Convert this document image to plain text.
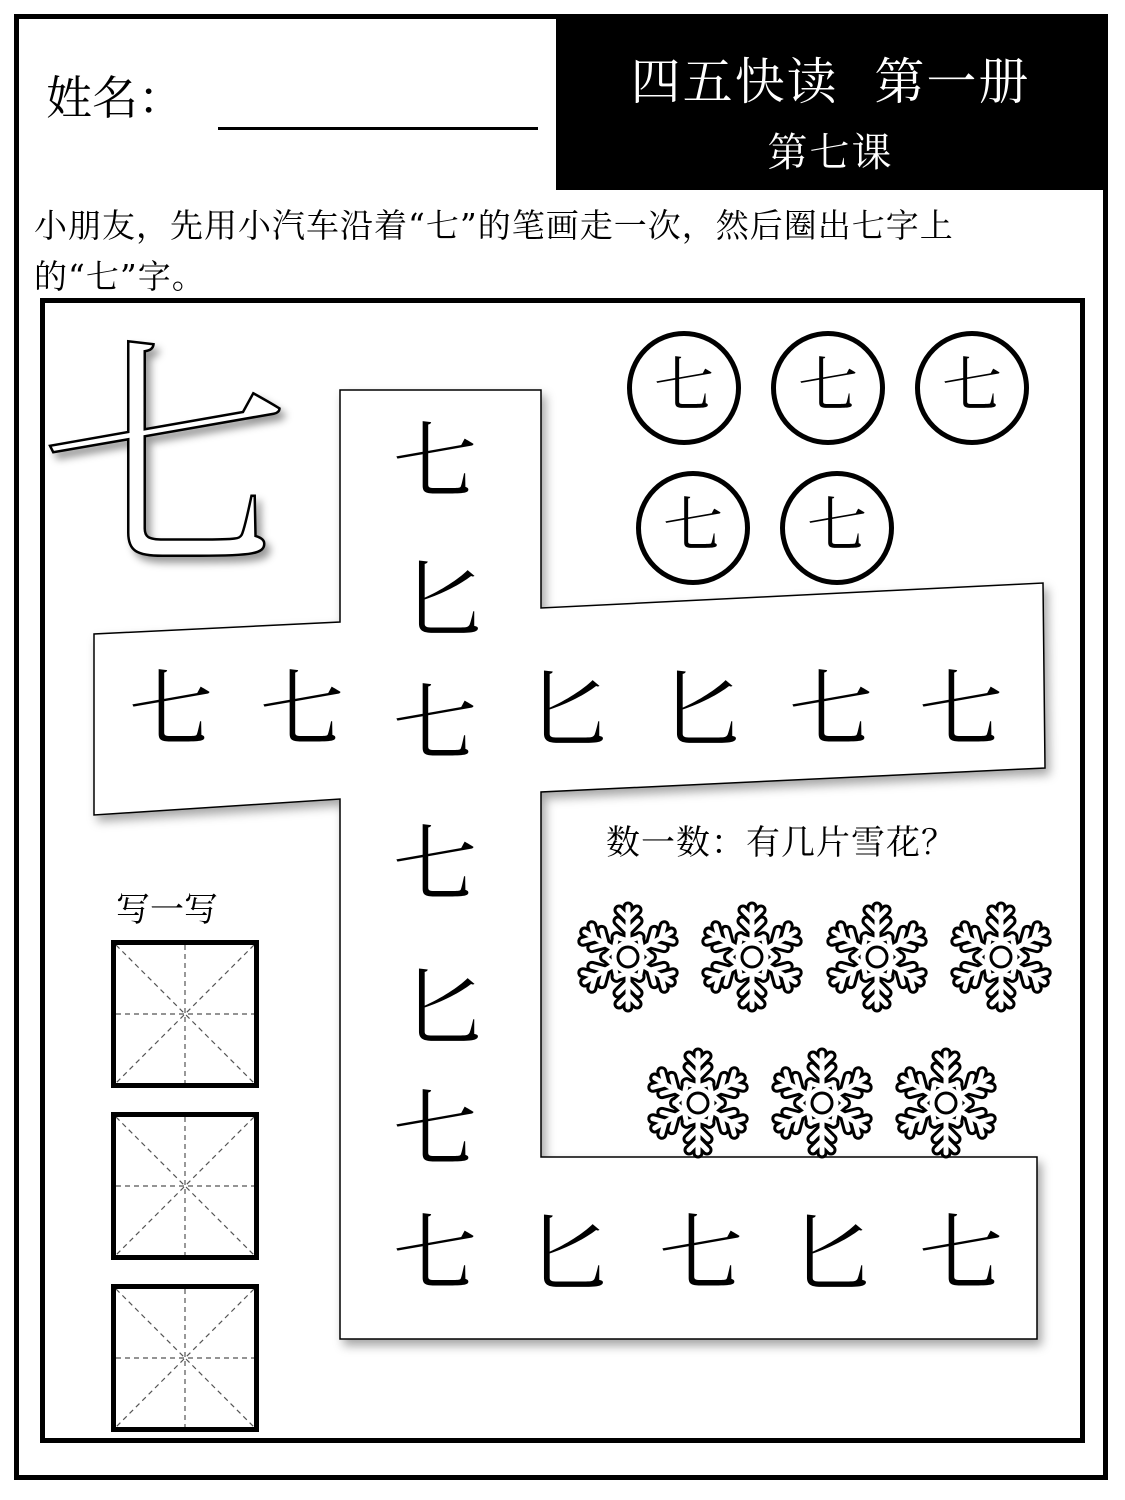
姓名：	四五快读  第一册
第七课
小朋友，先用小汽车沿着“七”的笔画走一次，然后圈出七字上的“七”字。
七	七	七	七
七	七
七
匕
七 七 七 匕 匕 七 七
七
匕
七
七 匕 七 匕 七
数一数：有几片雪花？
写一写
